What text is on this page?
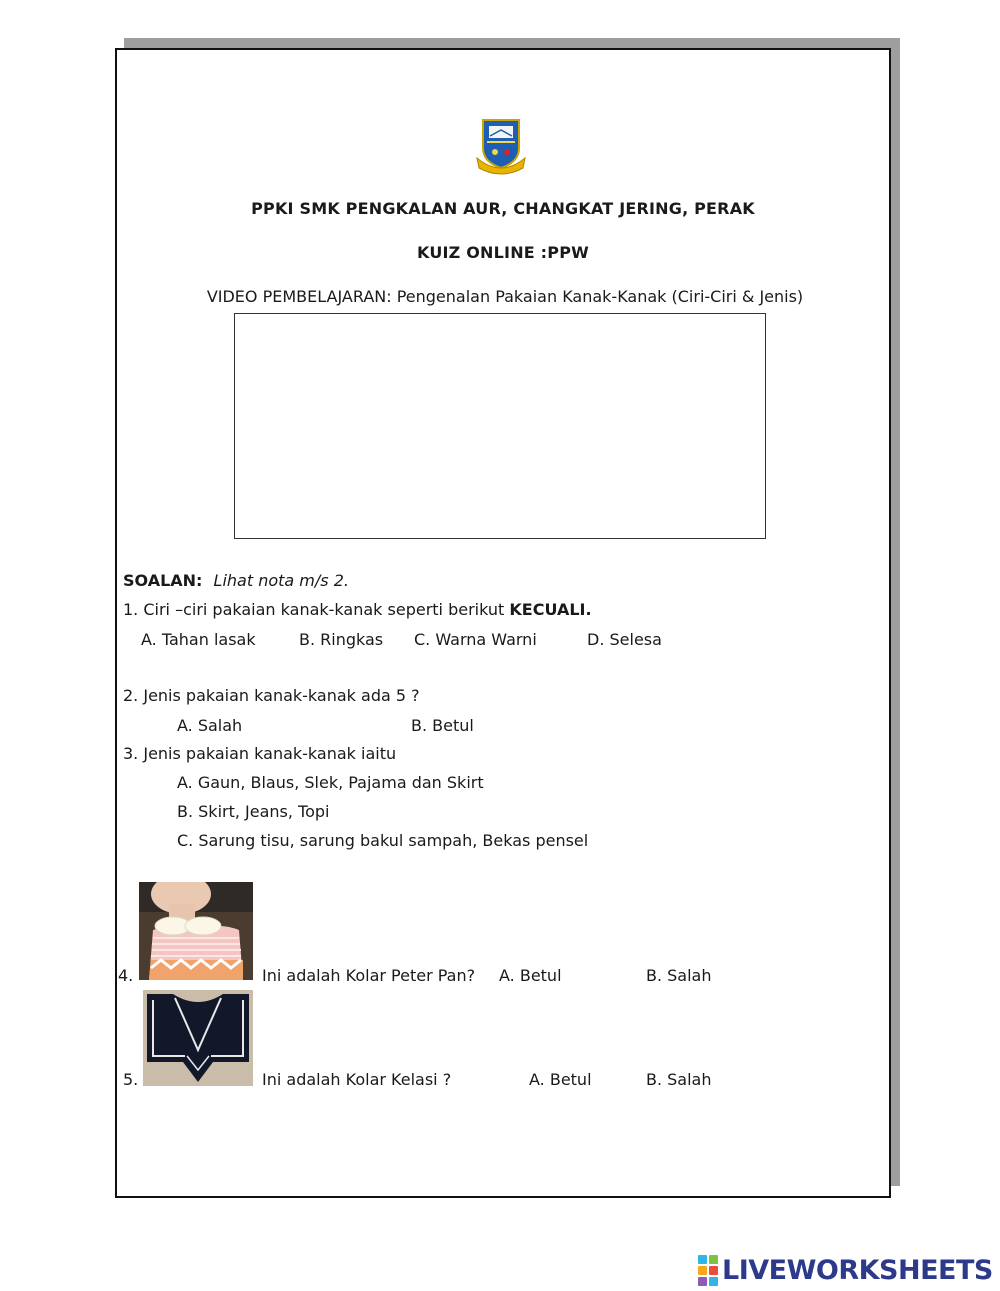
PPKI SMK PENGKALAN AUR, CHANGKAT JERING, PERAK
KUIZ ONLINE :PPW
VIDEO PEMBELAJARAN: Pengenalan Pakaian Kanak-Kanak (Ciri-Ciri & Jenis)
SOALAN: Lihat nota m/s 2.
1. Ciri –ciri pakaian kanak-kanak seperti berikut KECUALI.
A. Tahan lasak	B. Ringkas C. Warna Warni	D. Selesa
2. Jenis pakaian kanak-kanak ada 5 ?
A. Salah	B. Betul
3. Jenis pakaian kanak-kanak iaitu
A. Gaun, Blaus, Slek, Pajama dan Skirt
B. Skirt, Jeans, Topi
C. Sarung tisu, sarung bakul sampah, Bekas pensel
4.	Ini adalah Kolar Peter Pan? A. Betul	B. Salah
5.	Ini adalah Kolar Kelasi ?	A. Betul	B. Salah
LIVEWORKSHEETS
